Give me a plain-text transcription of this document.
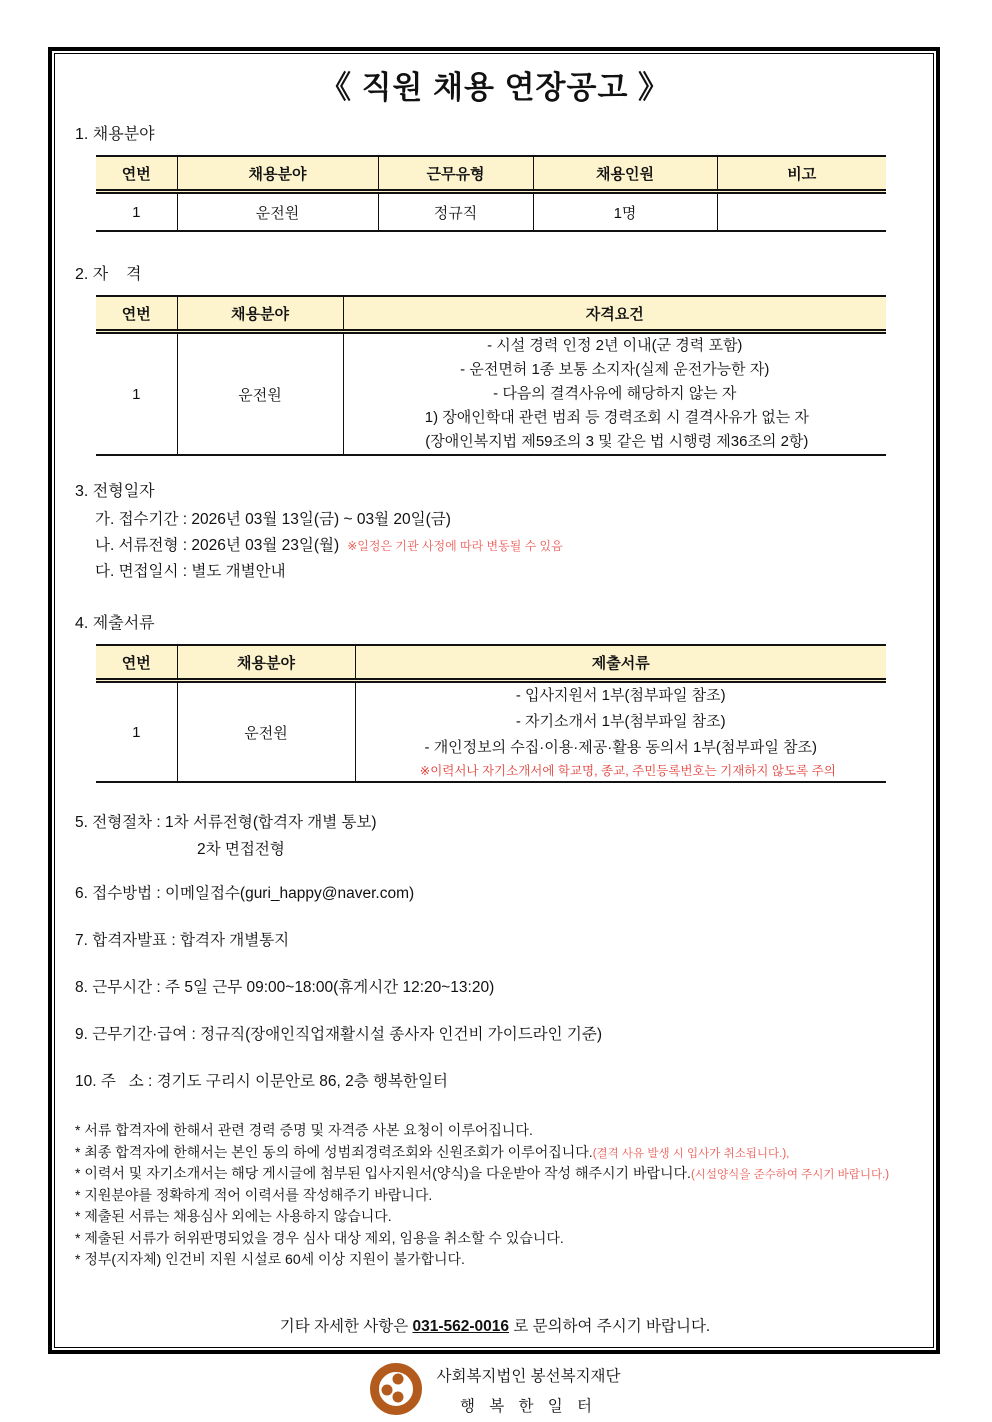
《 직원 채용 연장공고 》
1. 채용분야
연번	채용분야	근무유형	채용인원	비고
1	운전원	정규직	1명	
2. 자    격
연번	채용분야	자격요건
1	운전원	- 시설 경력 인정 2년 이내(군 경력 포함)
- 운전면허 1종 보통 소지자(실제 운전가능한 자)
- 다음의 결격사유에 해당하지 않는 자
1) 장애인학대 관련 범죄 등 경력조회 시 결격사유가 없는 자
(장애인복지법 제59조의 3 및 같은 법 시행령 제36조의 2항)
3. 전형일자
가. 접수기간 : 2026년 03월 13일(금) ~ 03월 20일(금)
나. 서류전형 : 2026년 03월 23일(월) ※일정은 기관 사정에 따라 변동될 수 있음
다. 면접일시 : 별도 개별안내
4. 제출서류
연번	채용분야	제출서류
1	운전원	- 입사지원서 1부(첨부파일 참조)
- 자기소개서 1부(첨부파일 참조)
- 개인정보의 수집·이용·제공·활용 동의서 1부(첨부파일 참조)
※이력서나 자기소개서에 학교명, 종교, 주민등록번호는 기재하지 않도록 주의
5. 전형절차 : 1차 서류전형(합격자 개별 통보)
2차 면접전형
6. 접수방법 : 이메일접수(guri_happy@naver.com)
7. 합격자발표 : 합격자 개별통지
8. 근무시간 : 주 5일 근무 09:00~18:00(휴게시간 12:20~13:20)
9. 근무기간·급여 : 정규직(장애인직업재활시설 종사자 인건비 가이드라인 기준)
10. 주   소 : 경기도 구리시 이문안로 86, 2층 행복한일터
* 서류 합격자에 한해서 관련 경력 증명 및 자격증 사본 요청이 이루어집니다.
* 최종 합격자에 한해서는 본인 동의 하에 성범죄경력조회와 신원조회가 이루어집니다.(결격 사유 발생 시 입사가 취소됩니다.),
* 이력서 및 자기소개서는 해당 게시글에 첨부된 입사지원서(양식)을 다운받아 작성 해주시기 바랍니다.(시설양식을 준수하여 주시기 바랍니다.)
* 지원분야를 정확하게 적어 이력서를 작성해주기 바랍니다.
* 제출된 서류는 채용심사 외에는 사용하지 않습니다.
* 제출된 서류가 허위판명되었을 경우 심사 대상 제외, 임용을 취소할 수 있습니다.
* 정부(지자체) 인건비 지원 시설로 60세 이상 지원이 불가합니다.
기타 자세한 사항은 031-562-0016 로 문의하여 주시기 바랍니다.
사회복지법인 봉선복지재단
행 복 한 일 터
